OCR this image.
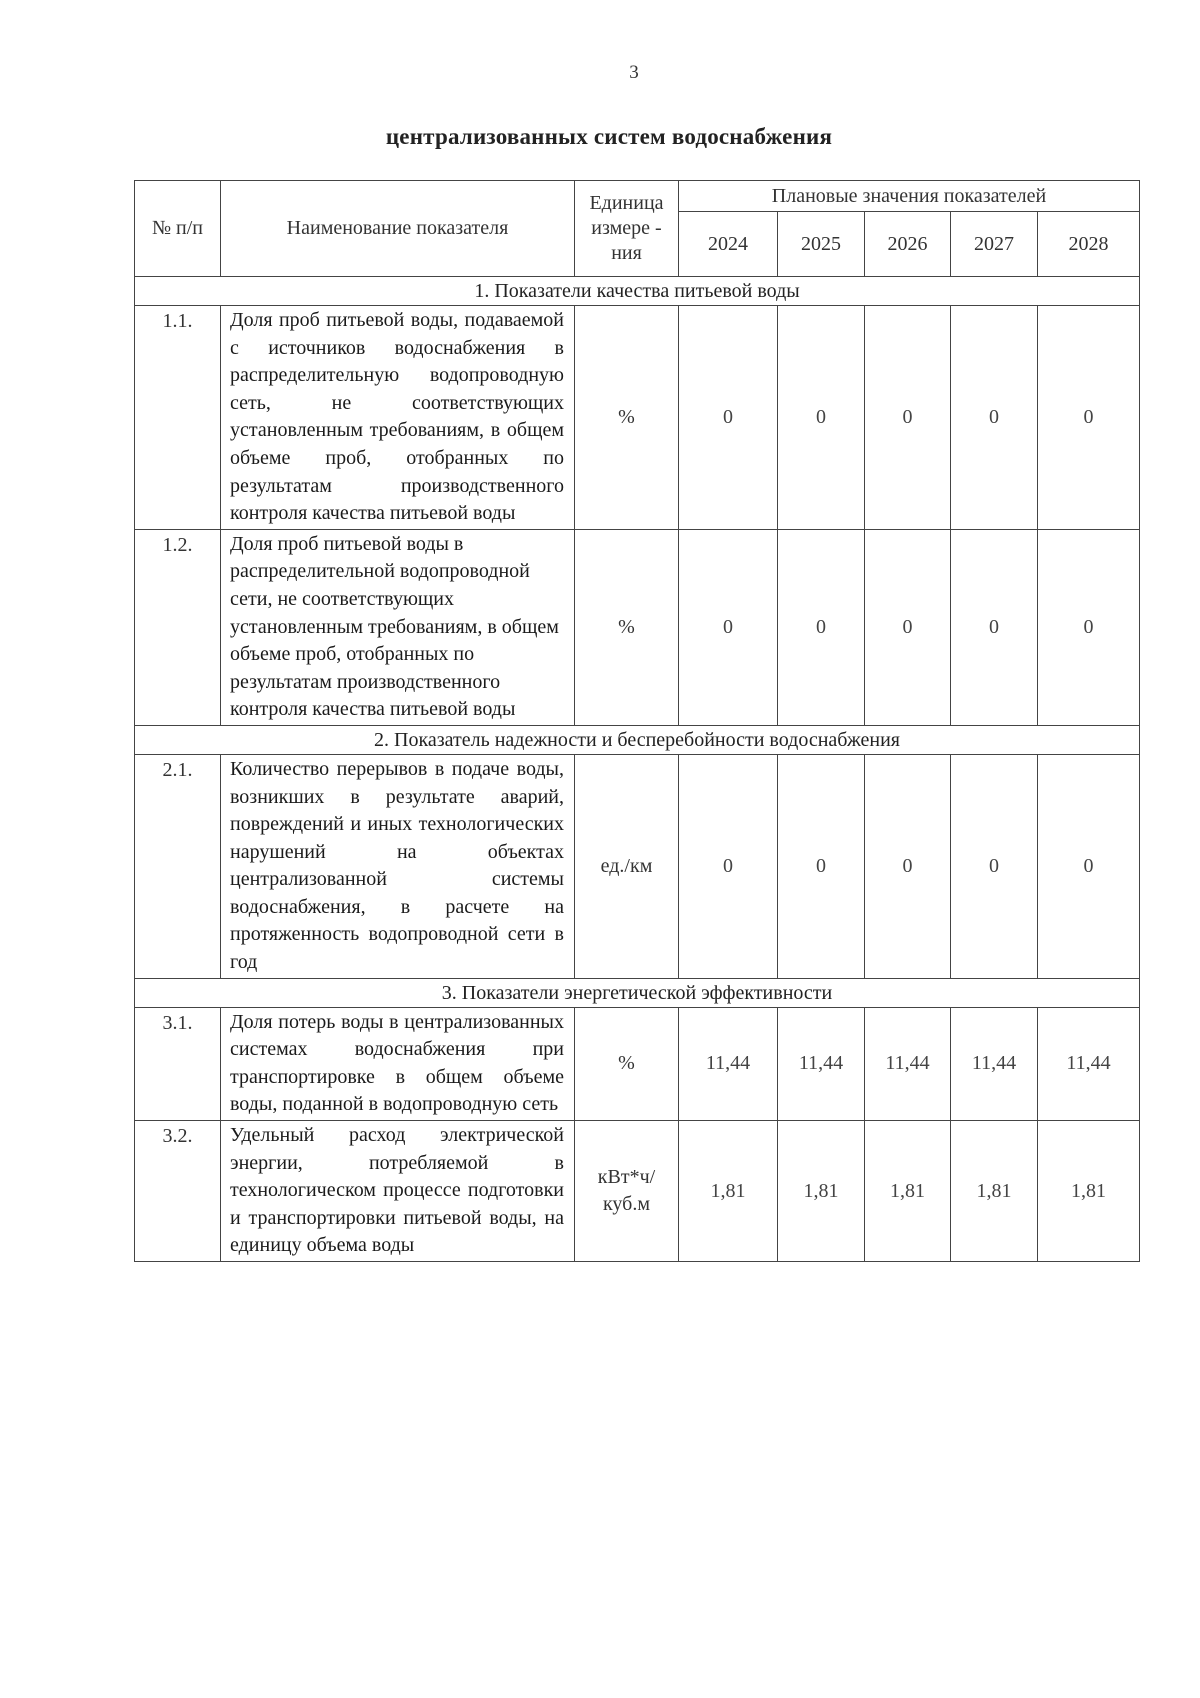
3
централизованных систем водоснабжения
№ п/п	Наименование показателя	Единица
измере -
ния	Плановые значения показателей				
			2024	2025	2026	2027	2028
1. Показатели качества питьевой воды							
1.1.	Доля проб питьевой воды, подаваемой с источников водоснабжения в распределительную водопроводную сеть, не соответствующих установленным требованиям, в общем объеме проб, отобранных по результатам производственного контроля качества питьевой воды	%	0	0	0	0	0
1.2.	Доля проб питьевой воды в распределительной водопроводной сети, не соответствующих установленным требованиям, в общем объеме проб, отобранных по результатам производственного контроля качества питьевой воды	%	0	0	0	0	0
2. Показатель надежности и бесперебойности водоснабжения							
2.1.	Количество перерывов в подаче воды, возникших в результате аварий, повреждений и иных технологических нарушений на объектах централизованной системы водоснабжения, в расчете на протяженность водопроводной сети в год	ед./км	0	0	0	0	0
3. Показатели энергетической эффективности							
3.1.	Доля потерь воды в централизованных системах водоснабжения при транспортировке в общем объеме воды, поданной в водопроводную сеть	%	11,44	11,44	11,44	11,44	11,44
3.2.	Удельный расход электрической энергии, потребляемой в технологическом процессе подготовки и транспортировки питьевой воды, на единицу объема воды	кВт*ч/
куб.м	1,81	1,81	1,81	1,81	1,81
